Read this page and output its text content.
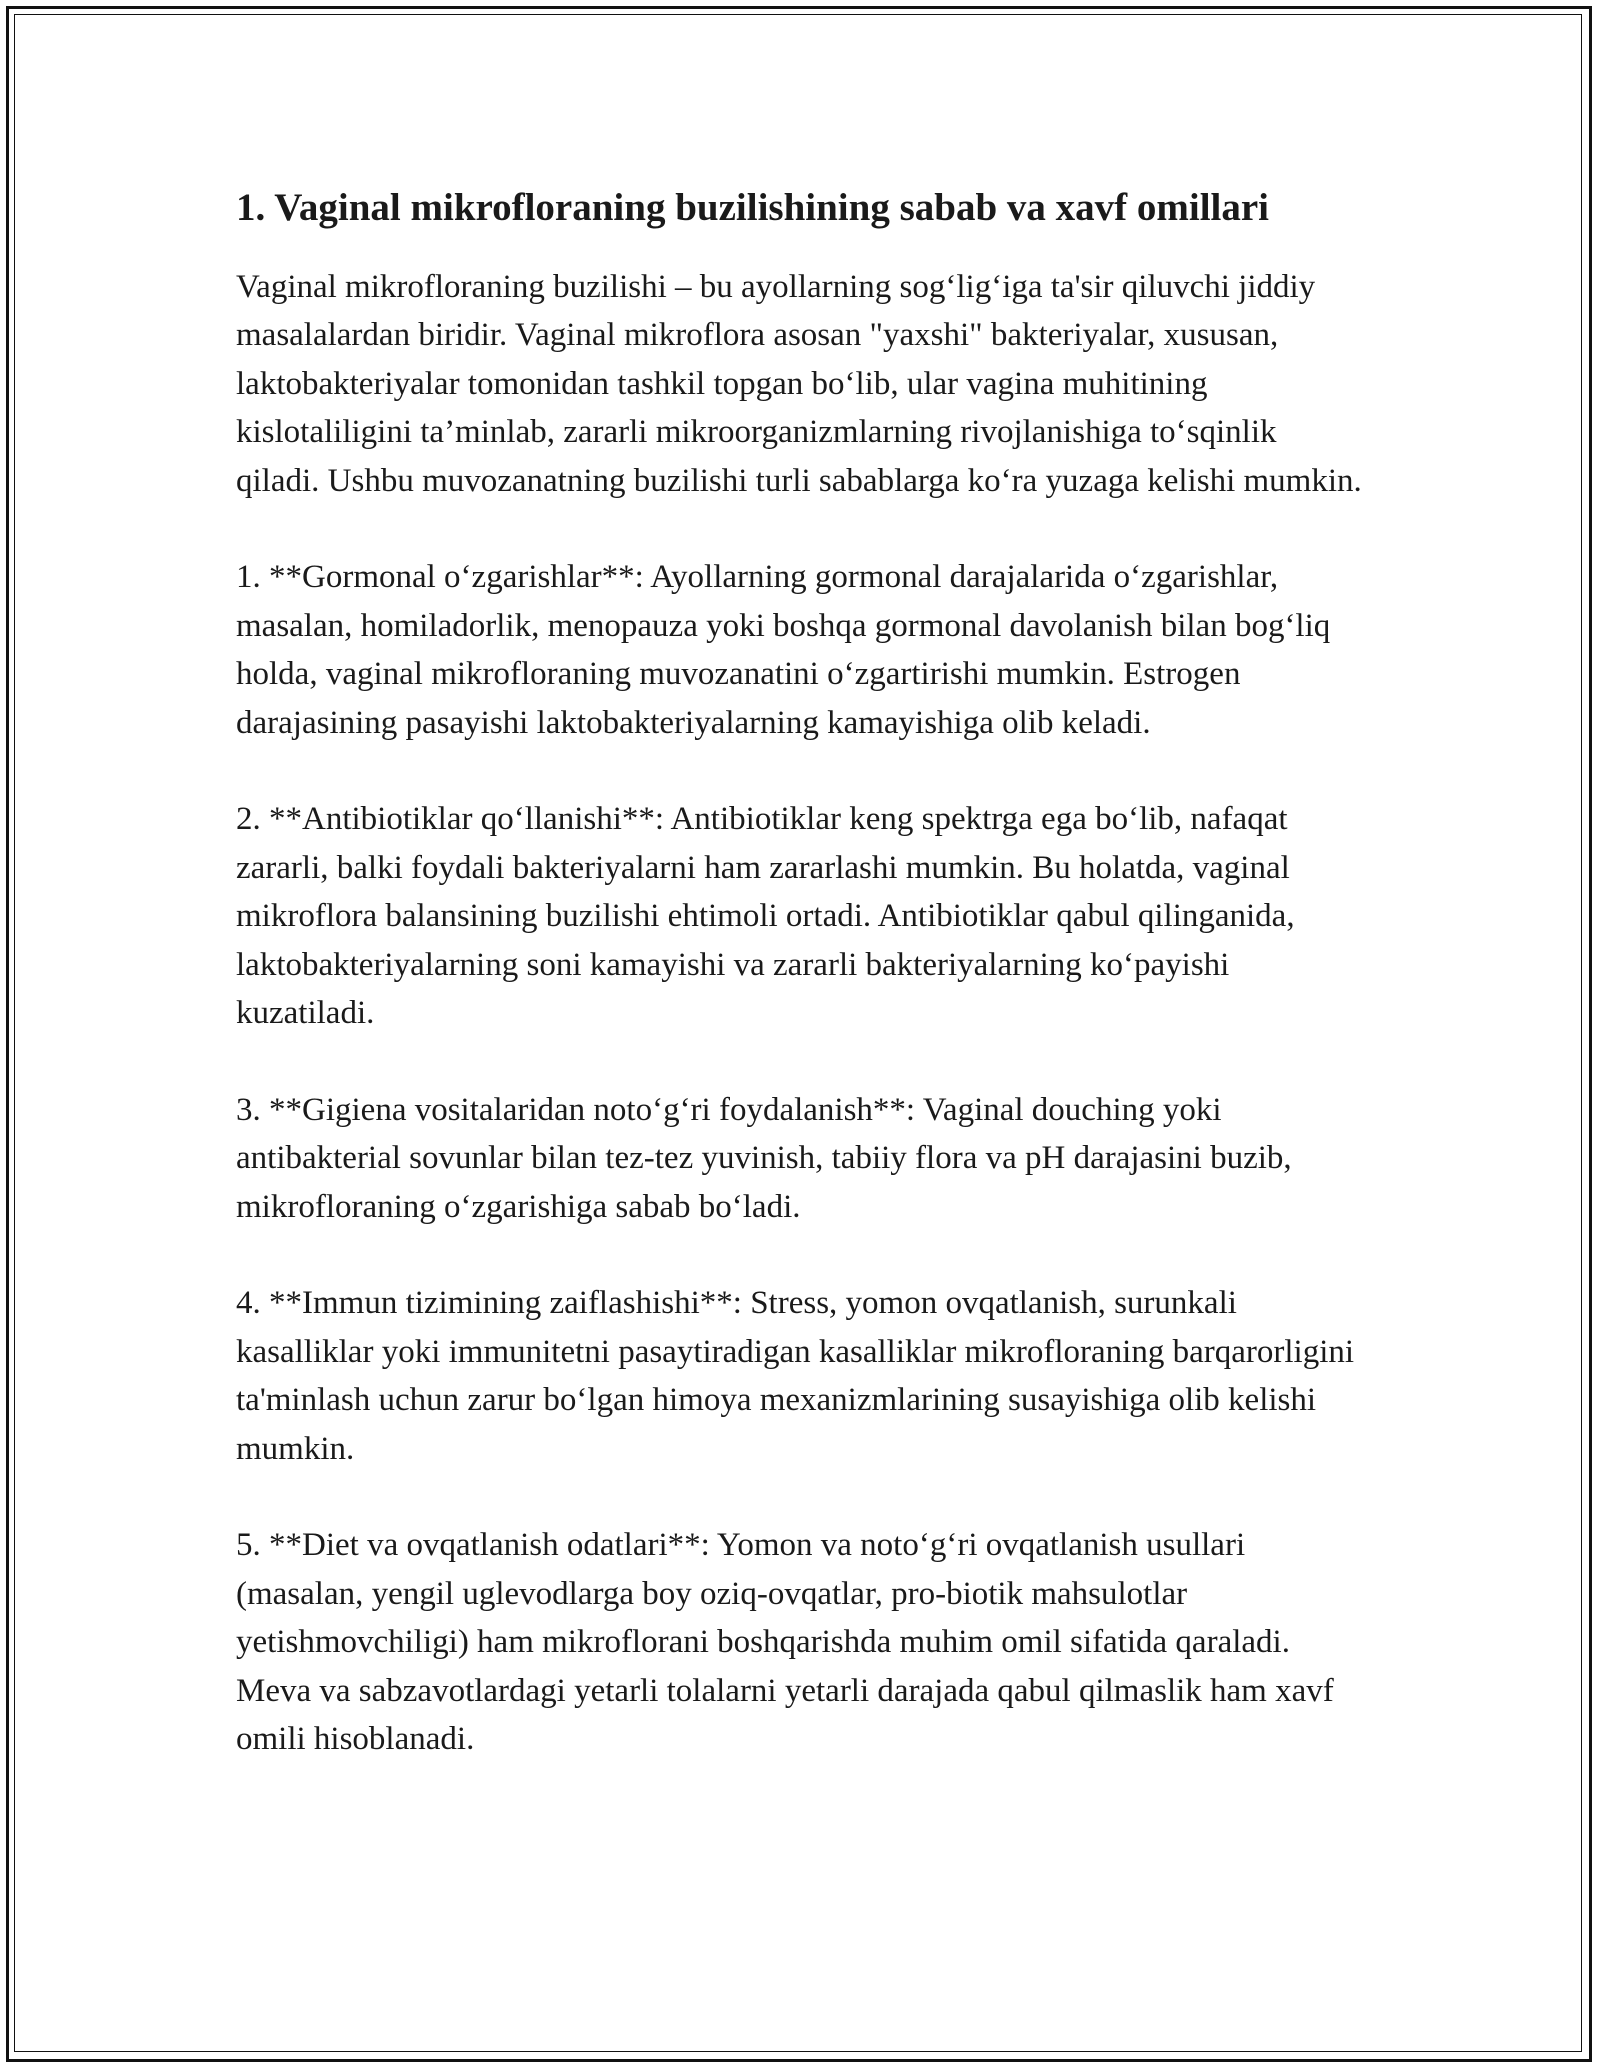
1. Vaginal mikrofloraning buzilishining sabab va xavf omillari

Vaginal mikrofloraning buzilishi – bu ayollarning sog‘lig‘iga ta'sir qiluvchi jiddiy masalalardan biridir. Vaginal mikroflora asosan "yaxshi" bakteriyalar, xususan, laktobakteriyalar tomonidan tashkil topgan bo‘lib, ular vagina muhitining kislotaliligini ta’minlab, zararli mikroorganizmlarning rivojlanishiga to‘sqinlik qiladi. Ushbu muvozanatning buzilishi turli sabablarga ko‘ra yuzaga kelishi mumkin.

1. **Gormonal o‘zgarishlar**: Ayollarning gormonal darajalarida o‘zgarishlar, masalan, homiladorlik, menopauza yoki boshqa gormonal davolanish bilan bog‘liq holda, vaginal mikrofloraning muvozanatini o‘zgartirishi mumkin. Estrogen darajasining pasayishi laktobakteriyalarning kamayishiga olib keladi.

2. **Antibiotiklar qo‘llanishi**: Antibiotiklar keng spektrga ega bo‘lib, nafaqat zararli, balki foydali bakteriyalarni ham zararlashi mumkin. Bu holatda, vaginal mikroflora balansining buzilishi ehtimoli ortadi. Antibiotiklar qabul qilinganida, laktobakteriyalarning soni kamayishi va zararli bakteriyalarning ko‘payishi kuzatiladi.

3. **Gigiena vositalaridan noto‘g‘ri foydalanish**: Vaginal douching yoki antibakterial sovunlar bilan tez-tez yuvinish, tabiiy flora va pH darajasini buzib, mikrofloraning o‘zgarishiga sabab bo‘ladi.

4. **Immun tizimining zaiflashishi**: Stress, yomon ovqatlanish, surunkali kasalliklar yoki immunitetni pasaytiradigan kasalliklar mikrofloraning barqarorligini ta'minlash uchun zarur bo‘lgan himoya mexanizmlarining susayishiga olib kelishi mumkin.

5. **Diet va ovqatlanish odatlari**: Yomon va noto‘g‘ri ovqatlanish usullari (masalan, yengil uglevodlarga boy oziq-ovqatlar, pro-biotik mahsulotlar yetishmovchiligi) ham mikroflorani boshqarishda muhim omil sifatida qaraladi. Meva va sabzavotlardagi yetarli tolalarni yetarli darajada qabul qilmaslik ham xavf omili hisoblanadi.
